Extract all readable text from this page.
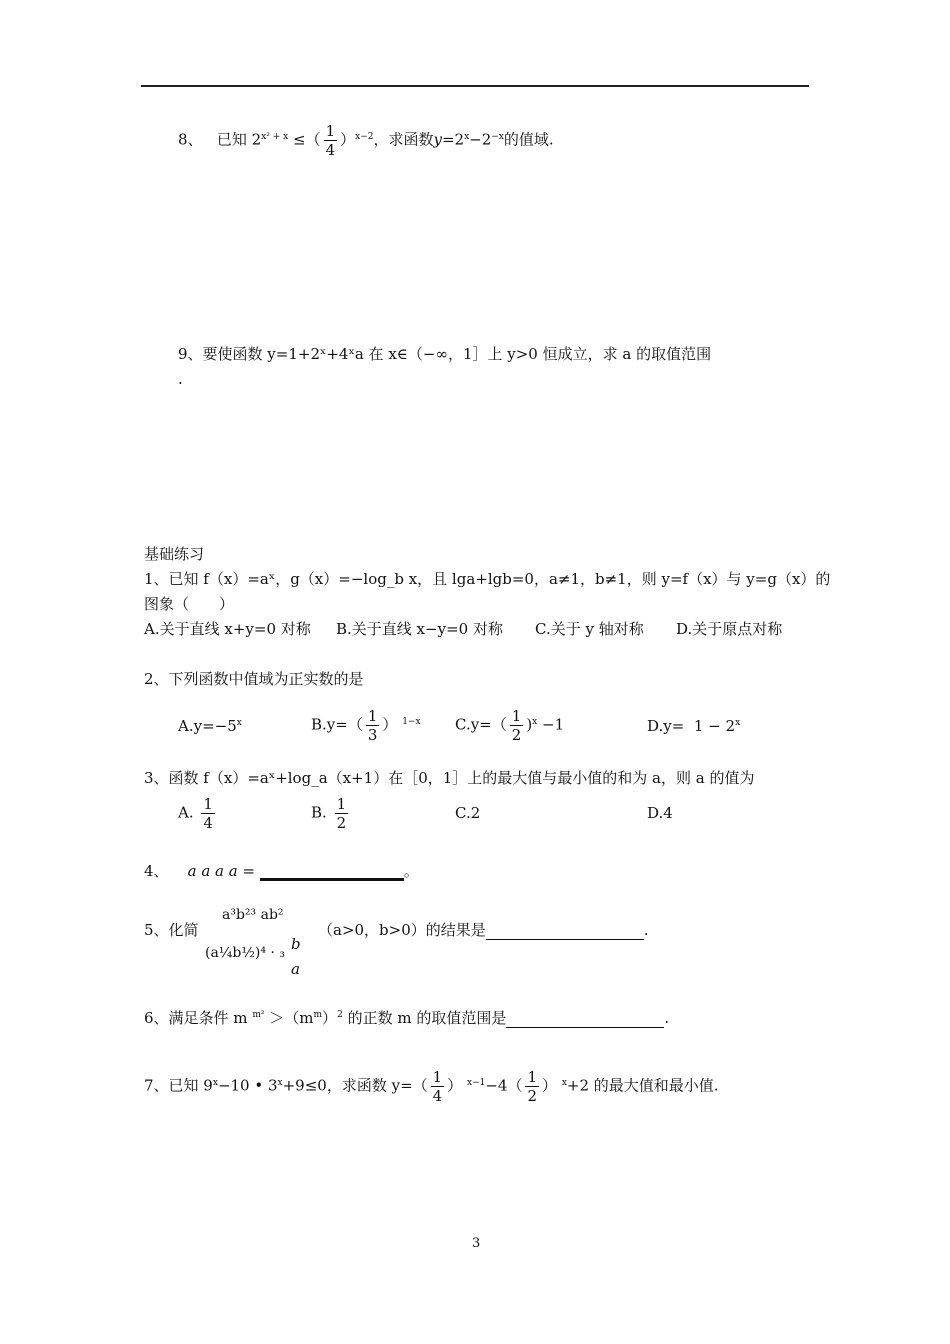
8、 已知 $2^{x^2 + x}$ ≤（ $\frac{1}{4} )^{x-2}$，求函数$y=2^x-2^{-x}$的值域.
9、要使函数 y=1+2ˣ+4ˣa 在 x∈（−∞，1］上 y>0 恒成立，求 a 的取值范围
.
基础练习
1、已知 f（x）=aˣ，g（x）=−log_b x，且 lga+lgb=0，a≠1，b≠1，则 y=f（x）与 y=g（x）的
图象（　　）
A.关于直线 x+y=0 对称 B.关于直线 x−y=0 对称 C.关于 y 轴对称 D.关于原点对称
2、下列函数中值域为正实数的是
$A.y=-5^x$	$B.y=( \frac{1}{3}$ ） $^{1-x}$ $C.y=( \frac{1}{2} )^x -1$	$D.y= 1 - 2^x$
3、函数 f（x）=aˣ+log_a（x+1）在［0，1］上的最大值与最小值的和为 a，则 a 的值为
A. $\frac{1}{4}$	B. $\frac{1}{2}$	C.2	D.4
4、 a a a a =	。
5、化简
a³b²³ ab²
(a¼b½)⁴ · ₃ b
a
（a>0，b>0）的结果是	.
6、满足条件 m $^{m^2} >(m^m)^2$ 的正数 m 的取值范围是	.
7、已知 $9^x-10$ • $3^x+9\le 0$，求函数 $y=( \frac{1}{4}$ ） $^{x-1}-4( \frac{1}{2}$ ） $^x$+2 的最大值和最小值.
3
